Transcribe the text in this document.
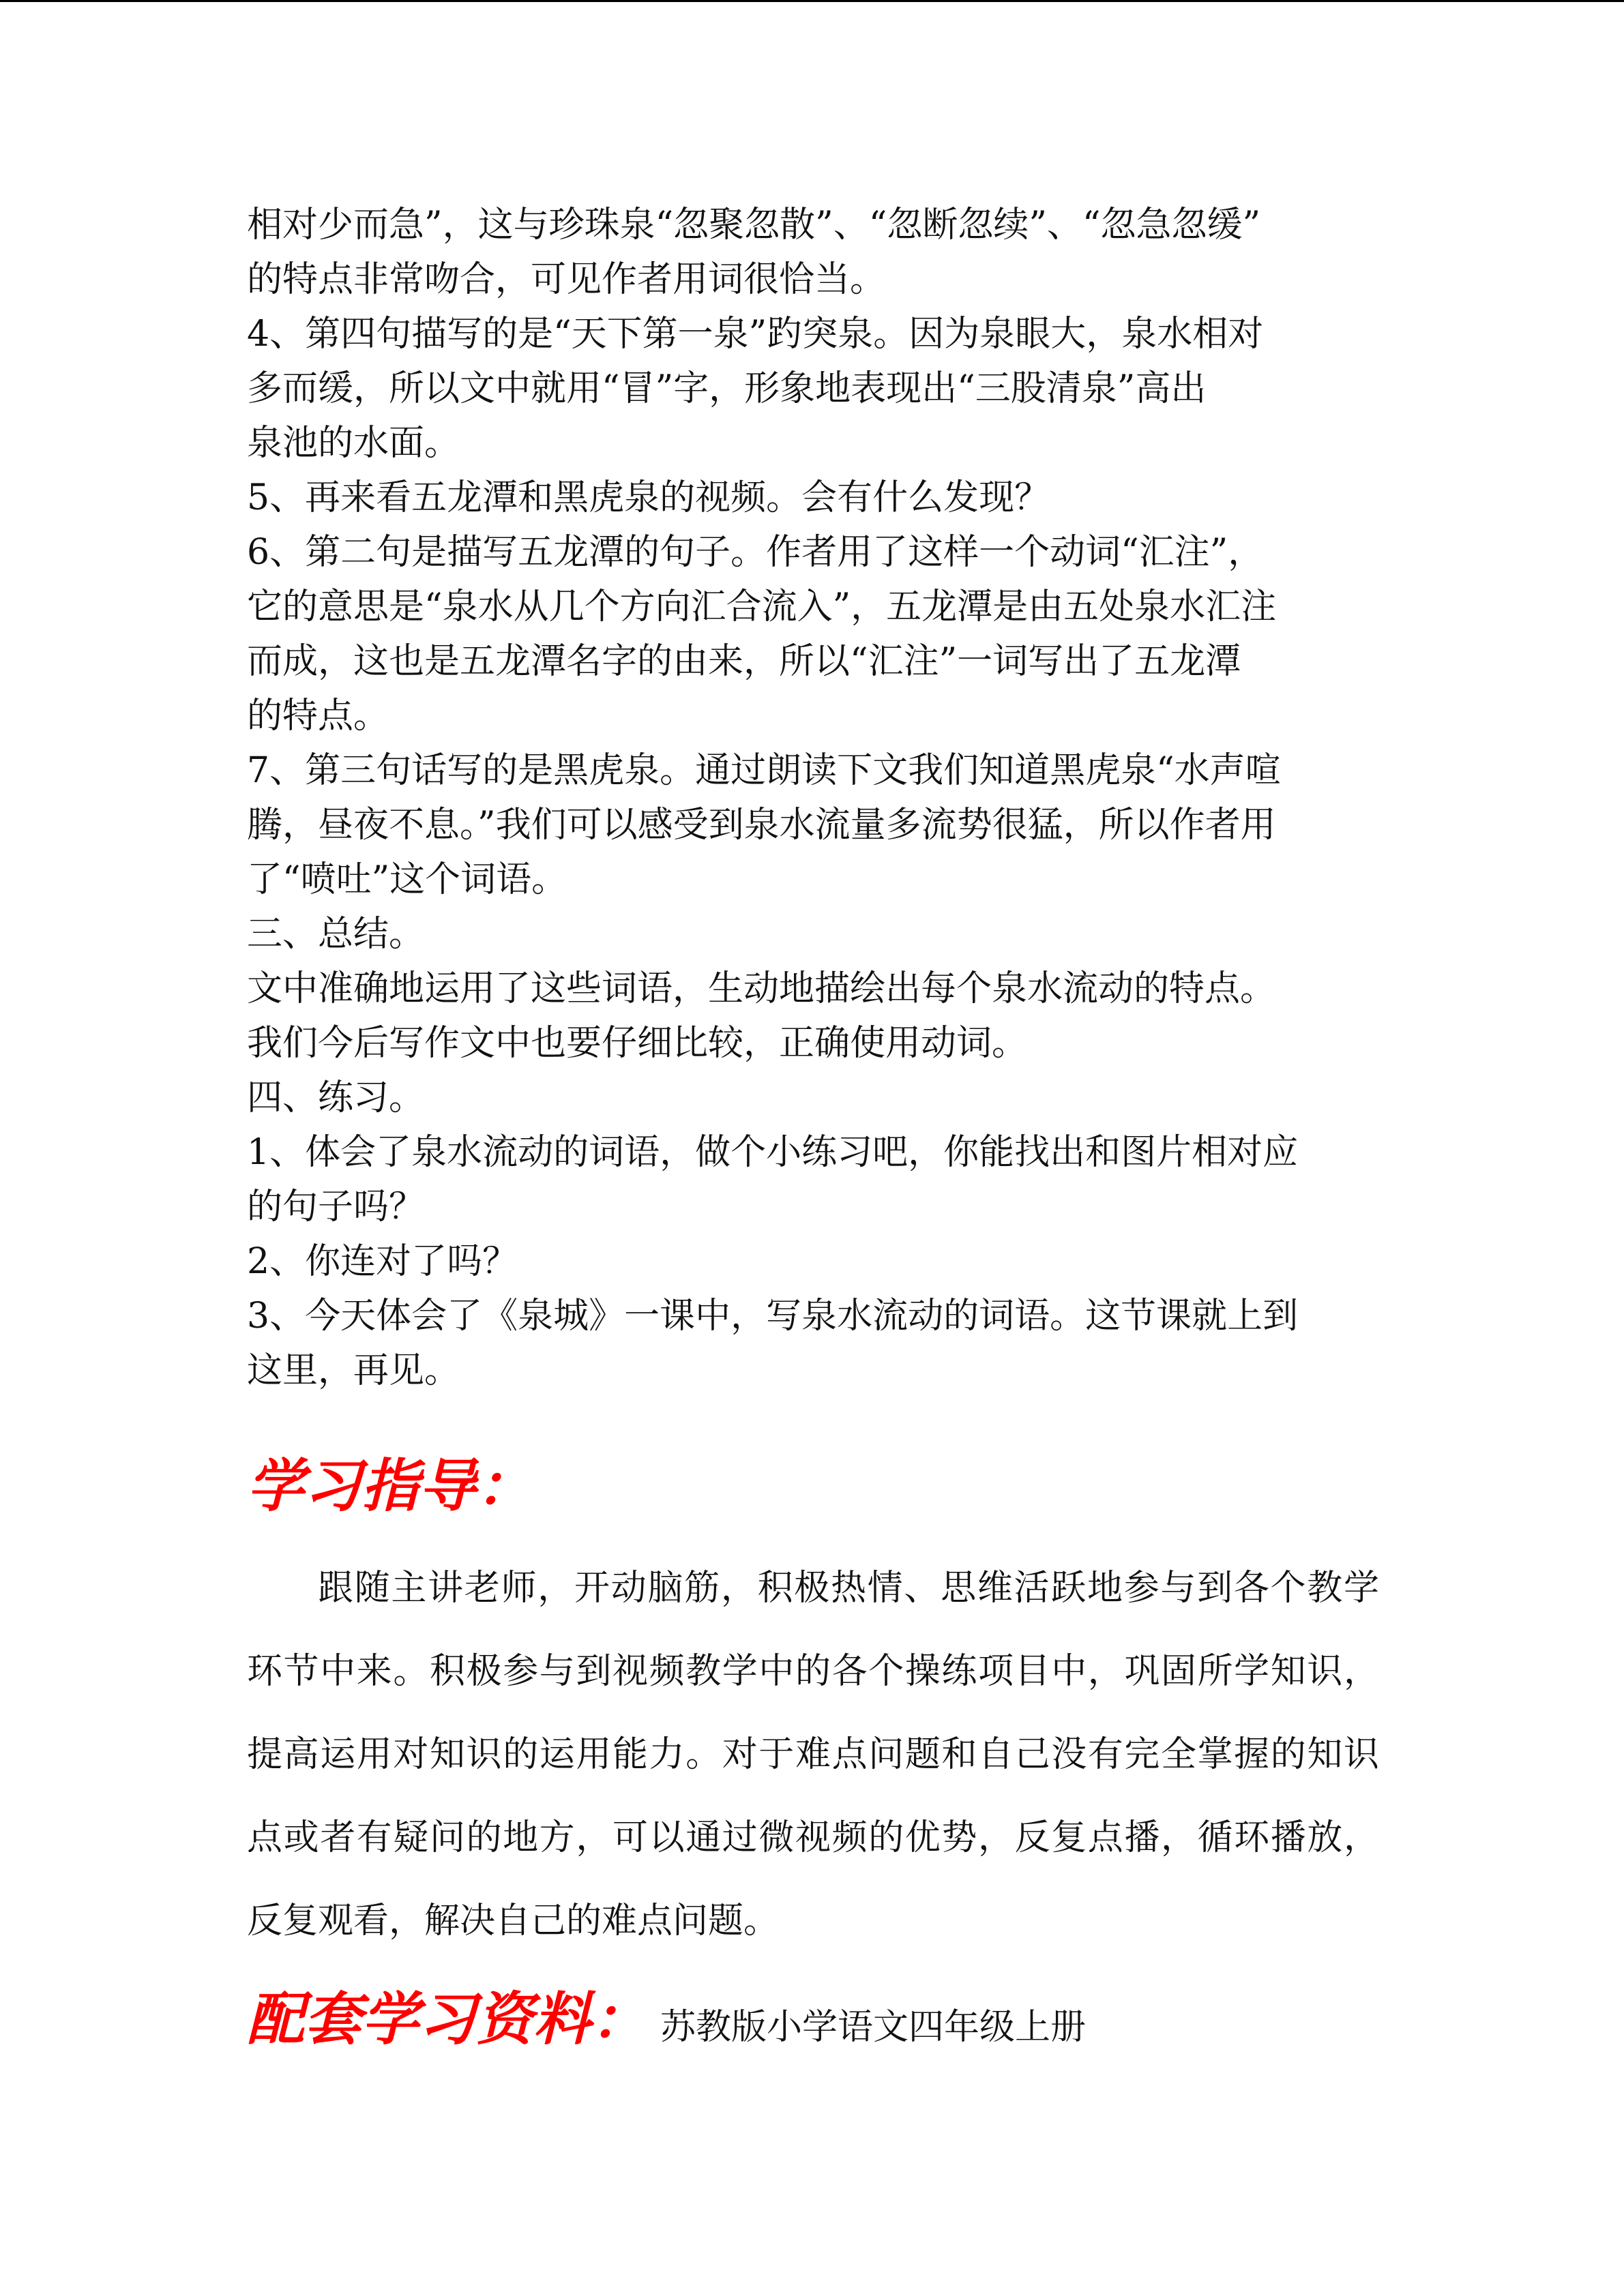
相对少而急”，这与珍珠泉“忽聚忽散”、“忽断忽续”、“忽急忽缓”

的特点非常吻合，可见作者用词很恰当。

4、第四句描写的是“天下第一泉”趵突泉。因为泉眼大，泉水相对

多而缓，所以文中就用“冒”字，形象地表现出“三股清泉”高出

泉池的水面。

5、再来看五龙潭和黑虎泉的视频。会有什么发现？

6、第二句是描写五龙潭的句子。作者用了这样一个动词“汇注”，

它的意思是“泉水从几个方向汇合流入”，五龙潭是由五处泉水汇注

而成，这也是五龙潭名字的由来，所以“汇注”一词写出了五龙潭

的特点。

7、第三句话写的是黑虎泉。通过朗读下文我们知道黑虎泉“水声喧

腾，昼夜不息。”我们可以感受到泉水流量多流势很猛，所以作者用

了“喷吐”这个词语。

三、总结。

文中准确地运用了这些词语，生动地描绘出每个泉水流动的特点。

我们今后写作文中也要仔细比较，正确使用动词。

四、练习。

1、体会了泉水流动的词语，做个小练习吧，你能找出和图片相对应

的句子吗？

2、你连对了吗？

3、今天体会了《泉城》一课中，写泉水流动的词语。这节课就上到

这里，再见。

学习指导：

跟随主讲老师，开动脑筋，积极热情、思维活跃地参与到各个教学环节中来。积极参与到视频教学中的各个操练项目中，巩固所学知识，提高运用对知识的运用能力。对于难点问题和自己没有完全掌握的知识点或者有疑问的地方，可以通过微视频的优势，反复点播，循环播放，反复观看，解决自己的难点问题。

配套学习资料： 苏教版小学语文四年级上册
